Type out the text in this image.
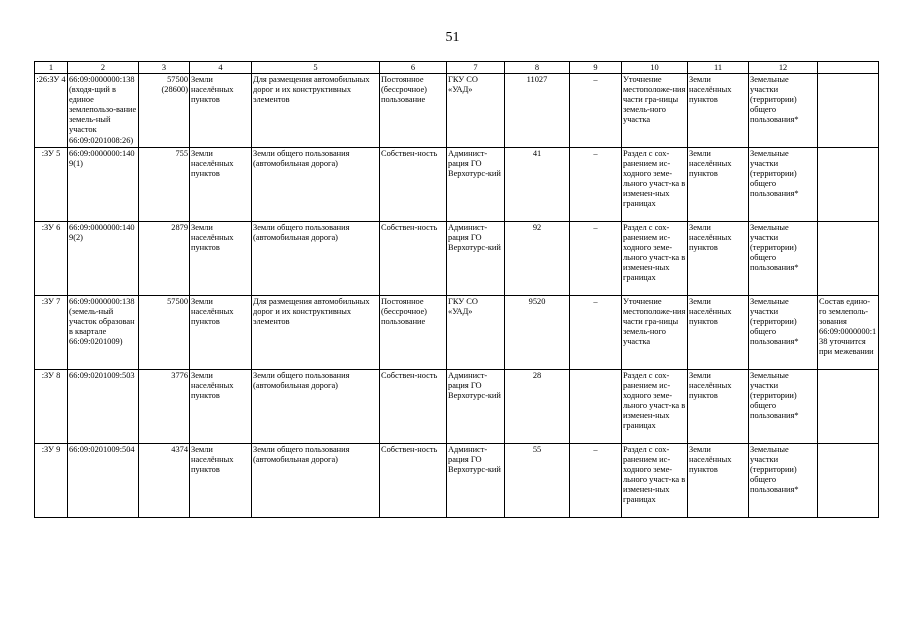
51
1	2	3	4	5	6	7	8	9	10	11	12	
:26:ЗУ 4	66:09:0000000:138 (входя-щий в единое землепользо-вание земель-ный участок 66:09:0201008:26)	57500 (28600)	Земли населённых пунктов	Для размещения автомобильных дорог и их конструктивных элементов	Постоянное (бессрочное) пользование	ГКУ СО «УАД»	11027	–	Уточнение местоположе-ния части гра-ницы земель-ного участка	Земли населённых пунктов	Земельные участки (территории) общего пользования*	
:ЗУ 5	66:09:0000000:1409(1)	755	Земли населённых пунктов	Земли общего пользования (автомобильная дорога)	Собствен-ность	Админист-рация ГО Верхотурс-кий	41	–	Раздел с сох-ранением ис-ходного земе-льного участ-ка в изменен-ных границах	Земли населённых пунктов	Земельные участки (территории) общего пользования*	
:ЗУ 6	66:09:0000000:1409(2)	2879	Земли населённых пунктов	Земли общего пользования (автомобильная дорога)	Собствен-ность	Админист-рация ГО Верхотурс-кий	92	–	Раздел с сох-ранением ис-ходного земе-льного участ-ка в изменен-ных границах	Земли населённых пунктов	Земельные участки (территории) общего пользования*	
:ЗУ 7	66:09:0000000:138 (земель-ный участок образован в квартале 66:09:0201009)	57500	Земли населённых пунктов	Для размещения автомобильных дорог и их конструктивных элементов	Постоянное (бессрочное) пользование	ГКУ СО «УАД»	9520	–	Уточнение местоположе-ния части гра-ницы земель-ного участка	Земли населённых пунктов	Земельные участки (территории) общего пользования*	Состав едино-го землеполь-зования 66:09:0000000:138 уточнится при межевании
:ЗУ 8	66:09:0201009:503	3776	Земли населённых пунктов	Земли общего пользования (автомобильная дорога)	Собствен-ность	Админист-рация ГО Верхотурс-кий	28		Раздел с сох-ранением ис-ходного земе-льного участ-ка в изменен-ных границах	Земли населённых пунктов	Земельные участки (территории) общего пользования*	
:ЗУ 9	66:09:0201009:504	4374	Земли населённых пунктов	Земли общего пользования (автомобильная дорога)	Собствен-ность	Админист-рация ГО Верхотурс-кий	55	–	Раздел с сох-ранением ис-ходного земе-льного участ-ка в изменен-ных границах	Земли населённых пунктов	Земельные участки (территории) общего пользования*	
